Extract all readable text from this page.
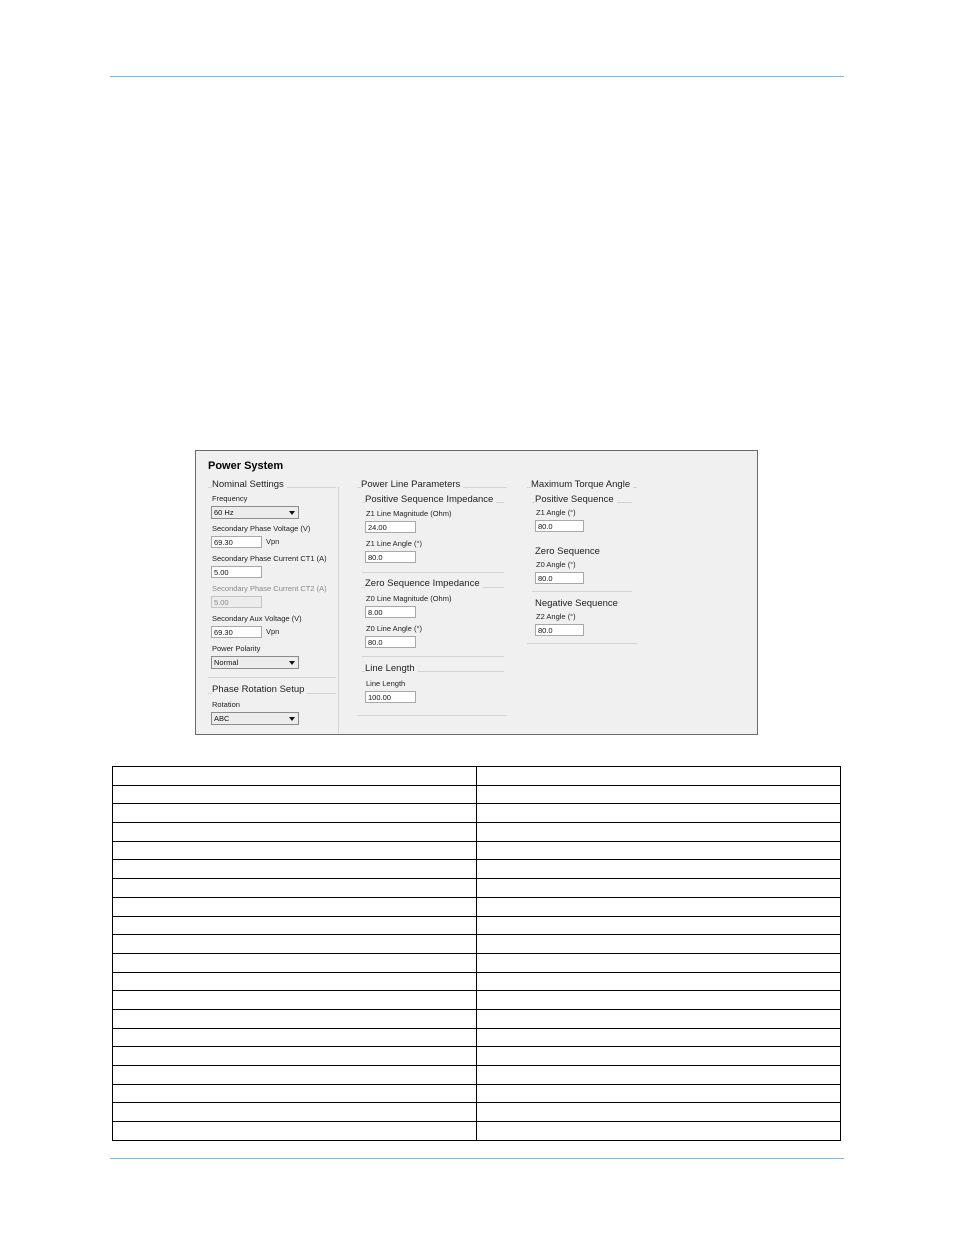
Power System
Nominal Settings
Frequency
60 Hz
Secondary Phase Voltage (V)
69.30	Vpn
Secondary Phase Current CT1 (A)
5.00
Secondary Phase Current CT2 (A)
5.00
Secondary Aux Voltage (V)
69.30	Vpn
Power Polarity
Normal
Phase Rotation Setup
Rotation
ABC
Power Line Parameters
Positive Sequence Impedance
Z1 Line Magnitude (Ohm)
24.00
Z1 Line Angle (°)
80.0
Zero Sequence Impedance
Z0 Line Magnitude (Ohm)
8.00
Z0 Line Angle (°)
80.0
Line Length
Line Length
100.00
Maximum Torque Angle
Positive Sequence
Z1 Angle (°)
80.0
Zero Sequence
Z0 Angle (°)
80.0
Negative Sequence
Z2 Angle (°)
80.0
